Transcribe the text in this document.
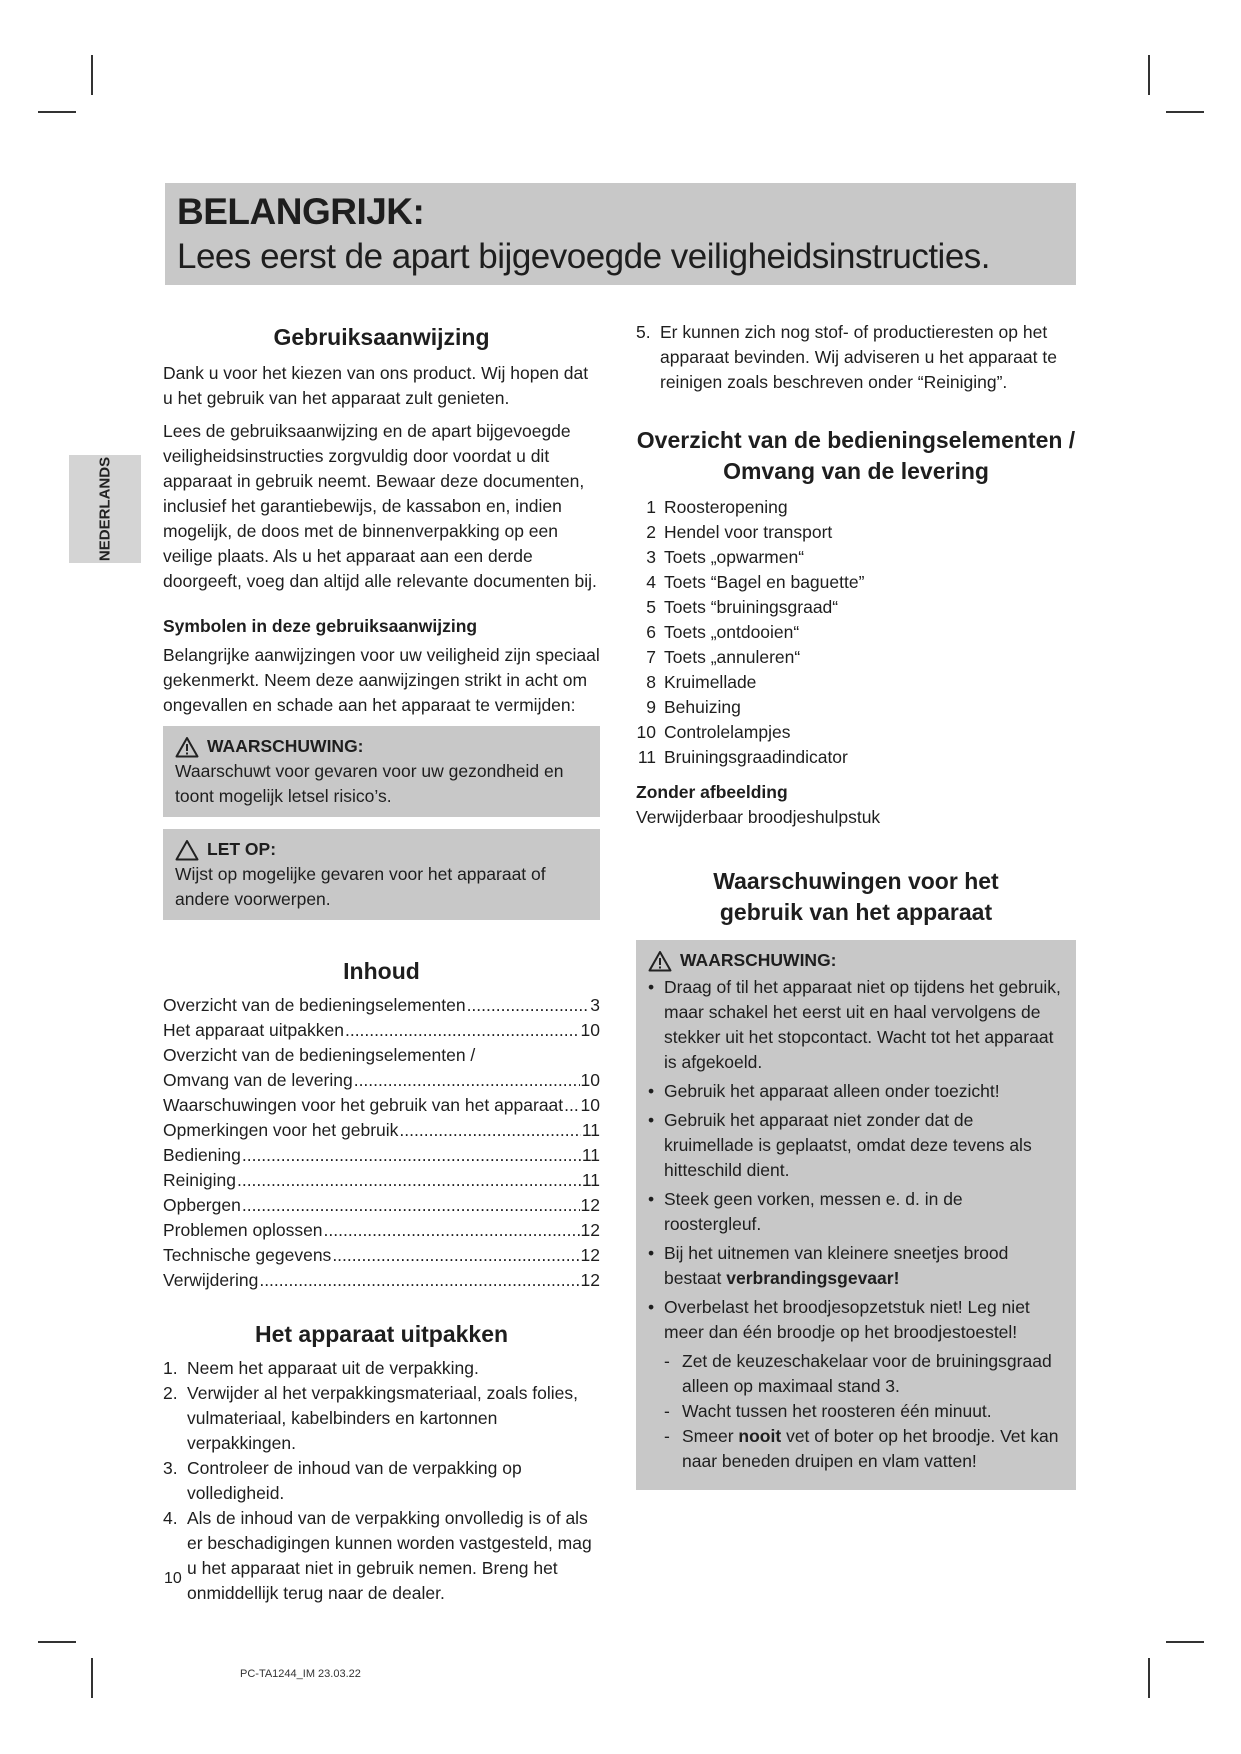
BELANGRIJK:
Lees eerst de apart bijgevoegde veiligheidsinstructies.
NEDERLANDS
Gebruiksaanwijzing

Dank u voor het kiezen van ons product. Wij hopen dat u het gebruik van het apparaat zult genieten.

Lees de gebruiksaanwijzing en de apart bijgevoegde veiligheidsinstructies zorgvuldig door voordat u dit apparaat in gebruik neemt. Bewaar deze documenten, inclusief het garantiebewijs, de kassabon en, indien mogelijk, de doos met de binnenverpakking op een veilige plaats. Als u het apparaat aan een derde doorgeeft, voeg dan altijd alle relevante documenten bij.

Symbolen in deze gebruiksaanwijzing

Belangrijke aanwijzingen voor uw veiligheid zijn speciaal gekenmerkt. Neem deze aanwijzingen strikt in acht om ongevallen en schade aan het apparaat te vermijden:

WAARSCHUWING:

Waarschuwt voor gevaren voor uw gezondheid en toont mogelijk letsel risico’s.

LET OP:

Wijst op mogelijke gevaren voor het apparaat of andere voorwerpen.

Inhoud
Overzicht van de bedieningselementen .....	3
Het apparaat uitpakken .....	10
Overzicht van de bedieningselementen /
Omvang van de levering .....	10
Waarschuwingen voor het gebruik van het apparaat ..... 10
Opmerkingen voor het gebruik .....	11
Bediening .....	11
Reiniging .....	11
Opbergen .....	12
Problemen oplossen .....	12
Technische gegevens .....	12
Verwijdering .....	12
Het apparaat uitpakken
1. Neem het apparaat uit de verpakking.
2. Verwijder al het verpakkingsmateriaal, zoals folies, vulmateriaal, kabelbinders en kartonnen verpakkingen.
3. Controleer de inhoud van de verpakking op volledigheid.
4. Als de inhoud van de verpakking onvolledig is of als er beschadigingen kunnen worden vastgesteld, mag u het apparaat niet in gebruik nemen. Breng het onmiddellijk terug naar de dealer.
5. Er kunnen zich nog stof- of productieresten op het apparaat bevinden. Wij adviseren u het apparaat te reinigen zoals beschreven onder “Reiniging”.
Overzicht van de bedieningselementen /
Omvang van de levering
1 Roosteropening
2 Hendel voor transport
3 Toets „opwarmen“
4 Toets “Bagel en baguette”
5 Toets “bruiningsgraad“
6 Toets „ontdooien“
7 Toets „annuleren“
8 Kruimellade
9 Behuizing
10 Controlelampjes
11 Bruiningsgraadindicator
Zonder afbeelding

Verwijderbaar broodjeshulpstuk

Waarschuwingen voor het
gebruik van het apparaat
WAARSCHUWING:
• Draag of til het apparaat niet op tijdens het gebruik, maar schakel het eerst uit en haal vervolgens de stekker uit het stopcontact. Wacht tot het apparaat is afgekoeld.
• Gebruik het apparaat alleen onder toezicht!
• Gebruik het apparaat niet zonder dat de kruimellade is geplaatst, omdat deze tevens als hitteschild dient.
• Steek geen vorken, messen e. d. in de roostergleuf.
• Bij het uitnemen van kleinere sneetjes brood bestaat verbrandingsgevaar!
• Overbelast het broodjesopzetstuk niet! Leg niet meer dan één broodje op het broodjestoestel!
- Zet de keuzeschakelaar voor de bruiningsgraad alleen op maximaal stand 3.
- Wacht tussen het roosteren één minuut.
- Smeer nooit vet of boter op het broodje. Vet kan naar beneden druipen en vlam vatten!
10
PC-TA1244_IM 23.03.22
